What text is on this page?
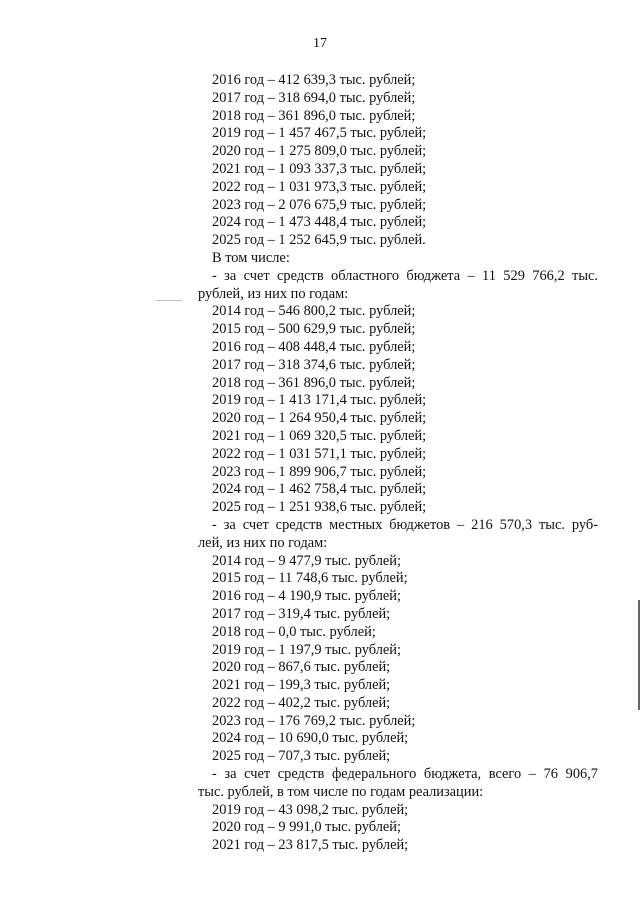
17
2016 год – 412 639,3 тыс. рублей;
2017 год – 318 694,0 тыс. рублей;
2018 год – 361 896,0 тыс. рублей;
2019 год – 1 457 467,5 тыс. рублей;
2020 год – 1 275 809,0 тыс. рублей;
2021 год – 1 093 337,3 тыс. рублей;
2022 год – 1 031 973,3 тыс. рублей;
2023 год – 2 076 675,9 тыс. рублей;
2024 год – 1 473 448,4 тыс. рублей;
2025 год – 1 252 645,9 тыс. рублей.
В том числе:
- за счет средств областного бюджета – 11 529 766,2 тыс.
рублей, из них по годам:
2014 год – 546 800,2 тыс. рублей;
2015 год – 500 629,9 тыс. рублей;
2016 год – 408 448,4 тыс. рублей;
2017 год – 318 374,6 тыс. рублей;
2018 год – 361 896,0 тыс. рублей;
2019 год – 1 413 171,4 тыс. рублей;
2020 год – 1 264 950,4 тыс. рублей;
2021 год – 1 069 320,5 тыс. рублей;
2022 год – 1 031 571,1 тыс. рублей;
2023 год – 1 899 906,7 тыс. рублей;
2024 год – 1 462 758,4 тыс. рублей;
2025 год – 1 251 938,6 тыс. рублей;
- за счет средств местных бюджетов – 216 570,3 тыс. руб-
лей, из них по годам:
2014 год – 9 477,9 тыс. рублей;
2015 год – 11 748,6 тыс. рублей;
2016 год – 4 190,9 тыс. рублей;
2017 год – 319,4 тыс. рублей;
2018 год – 0,0 тыс. рублей;
2019 год – 1 197,9 тыс. рублей;
2020 год – 867,6 тыс. рублей;
2021 год – 199,3 тыс. рублей;
2022 год – 402,2 тыс. рублей;
2023 год – 176 769,2 тыс. рублей;
2024 год – 10 690,0 тыс. рублей;
2025 год – 707,3 тыс. рублей;
- за счет средств федерального бюджета, всего – 76 906,7
тыс. рублей, в том числе по годам реализации:
2019 год – 43 098,2 тыс. рублей;
2020 год – 9 991,0 тыс. рублей;
2021 год – 23 817,5 тыс. рублей;
